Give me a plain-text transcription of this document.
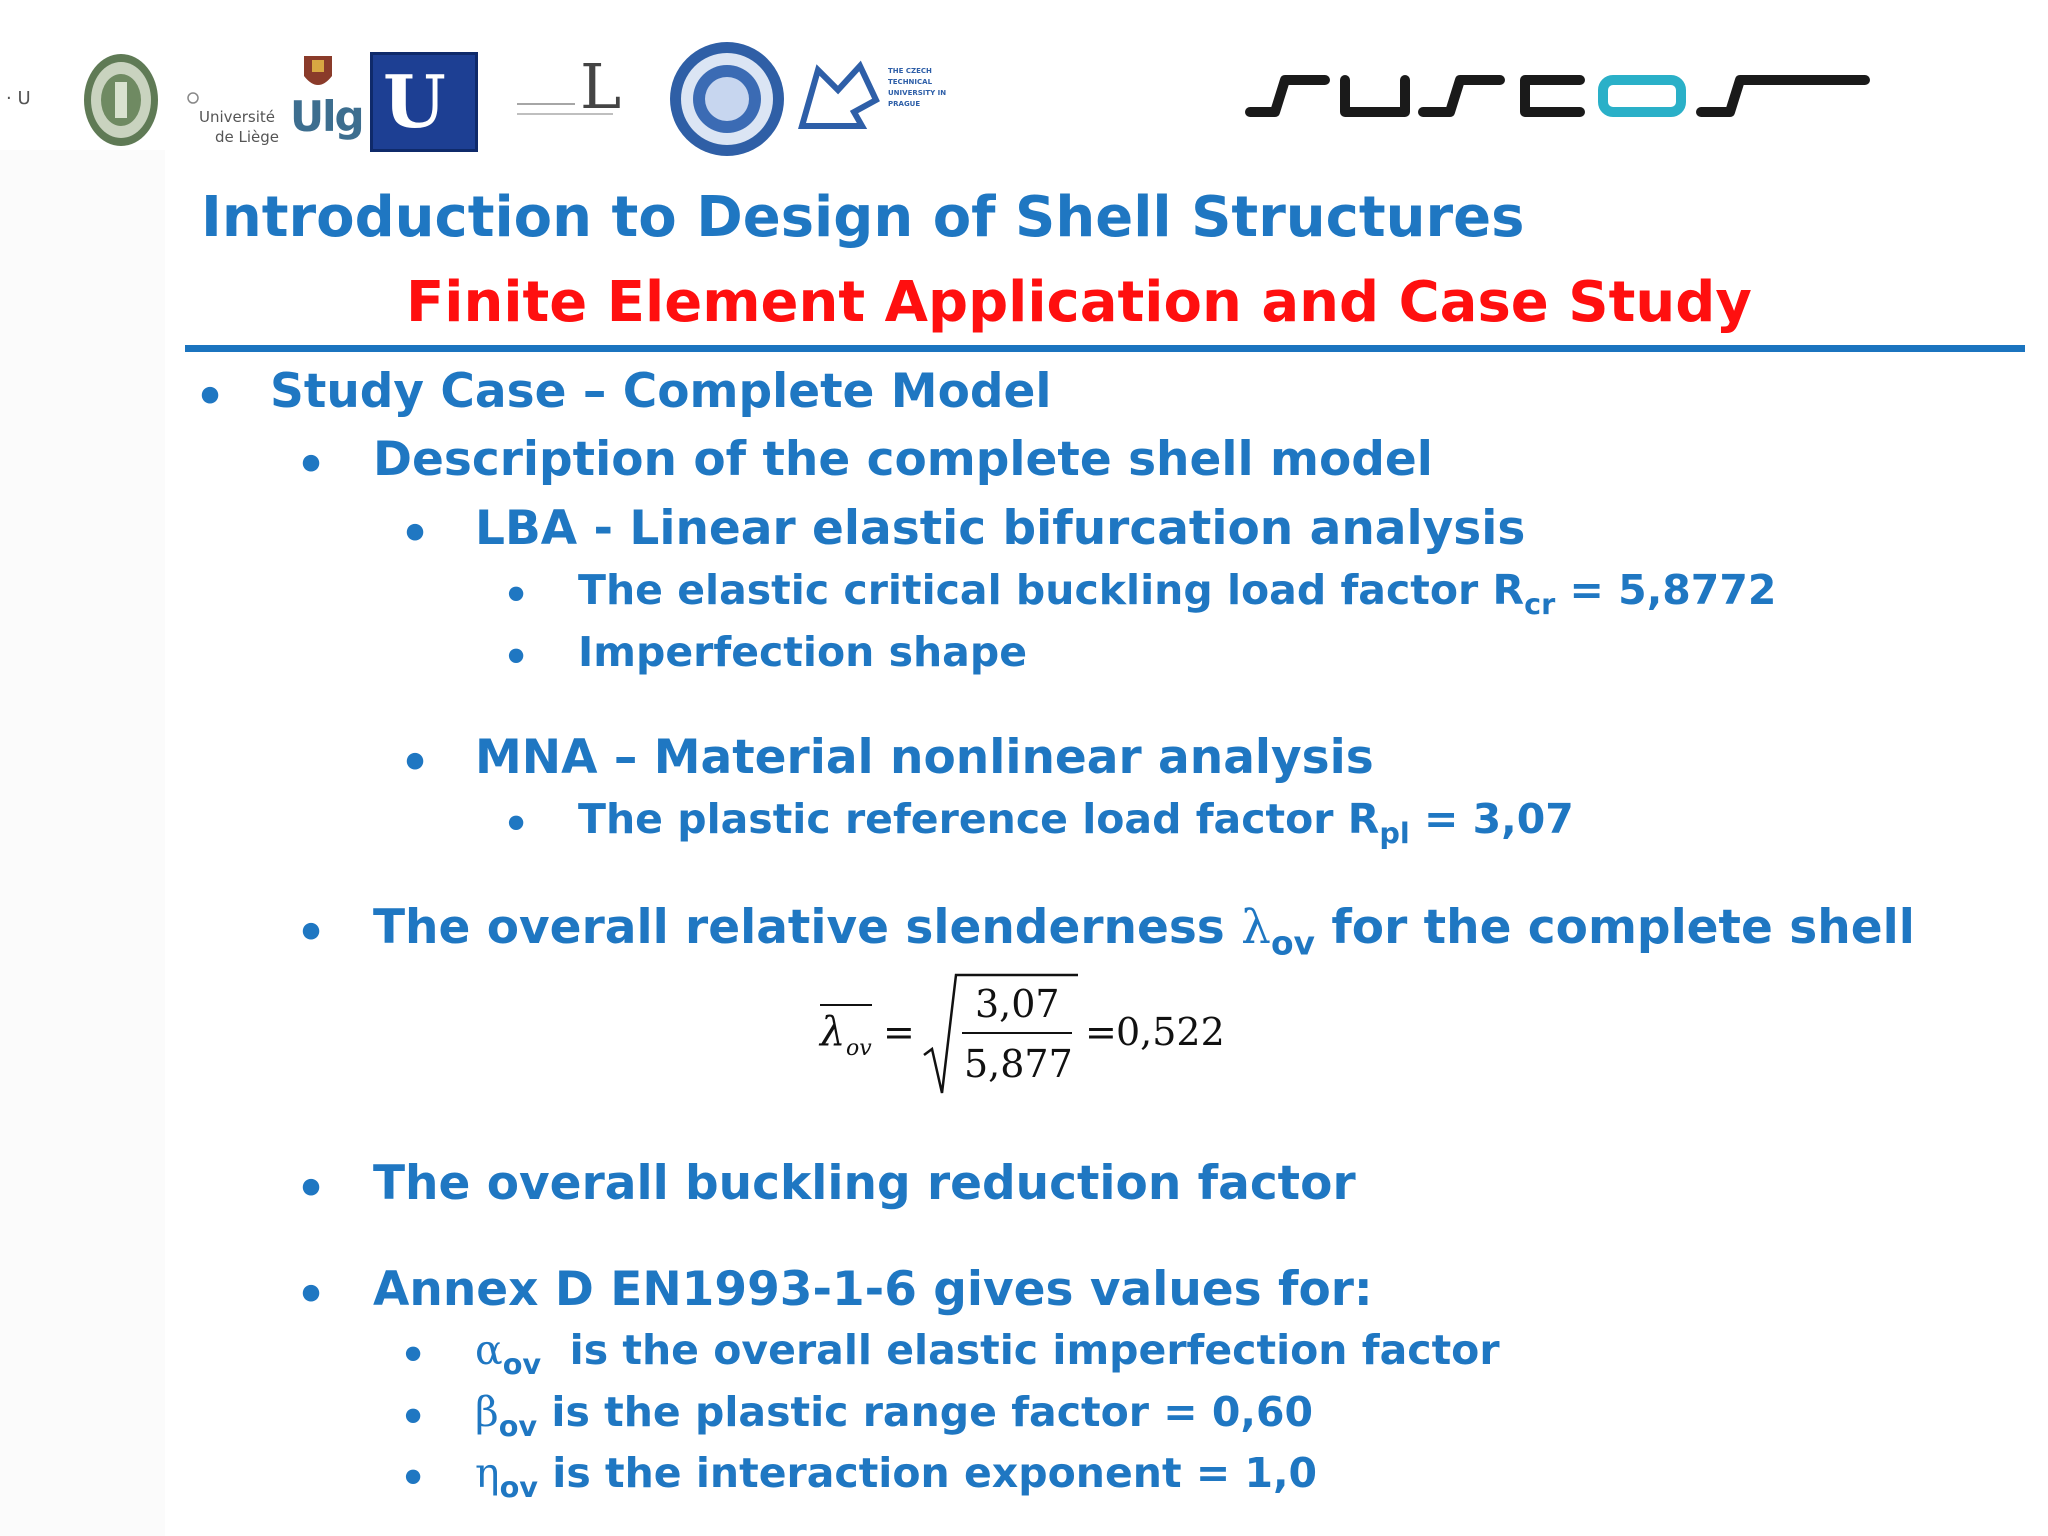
· U
Université
de Liège Ulg U L	THE CZECH TECHNICAL UNIVERSITY IN PRAGUE
suscos
Introduction to Design of Shell Structures
Finite Element Application and Case Study
• Study Case – Complete Model
• Description of the complete shell model
• LBA - Linear elastic bifurcation analysis
• The elastic critical buckling load factor $R_{cr} = 5,8772$
• Imperfection shape
• MNA – Material nonlinear analysis
• The plastic reference load factor $R_{pl} = 3,07$
• The overall relative slenderness $\lambda_{ov}$ for the complete shell
λ ov =
3,07
5,877
= 0,522
• The overall buckling reduction factor
• Annex D EN1993-1-6 gives values for:
• $\alpha_{ov}$  is the overall elastic imperfection factor
• $\beta_{ov}$ is the plastic range factor = 0,60
• $\eta_{ov}$ is the interaction exponent = 1,0
